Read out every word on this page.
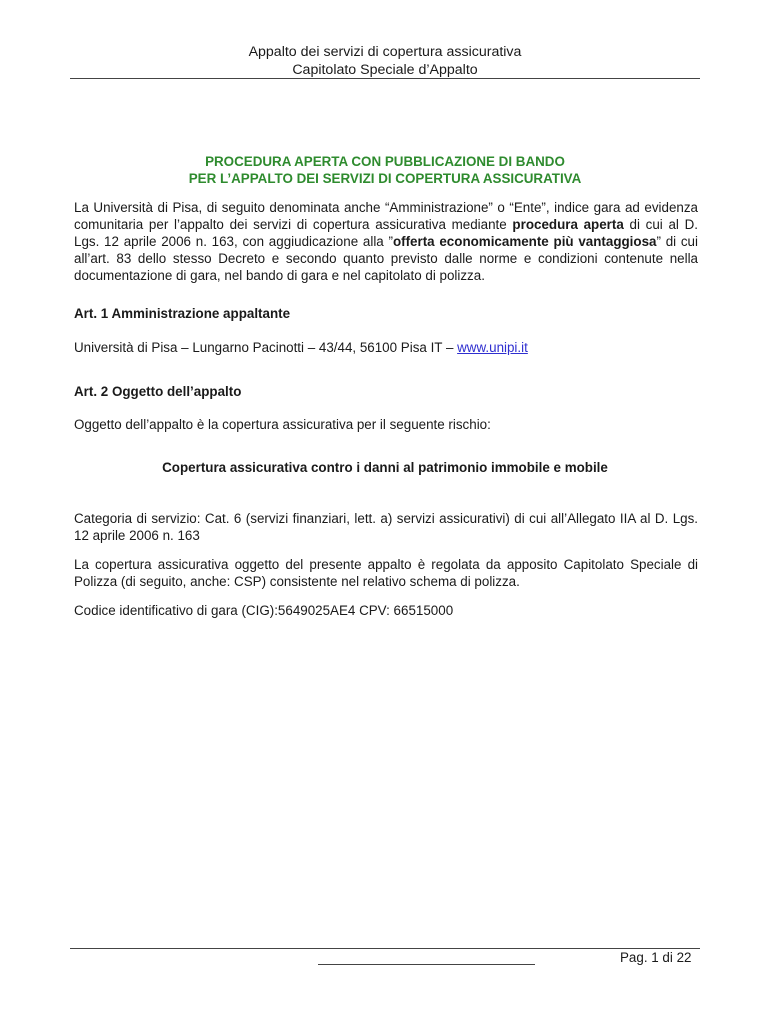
Appalto dei servizi di copertura assicurativa
Capitolato Speciale d’Appalto
PROCEDURA APERTA CON PUBBLICAZIONE DI BANDO
PER L’APPALTO DEI SERVIZI DI COPERTURA ASSICURATIVA
La Università di Pisa, di seguito denominata anche “Amministrazione” o “Ente”, indice gara ad evidenza comunitaria per l’appalto dei servizi di copertura assicurativa mediante procedura aperta di cui al D. Lgs. 12 aprile 2006 n. 163, con aggiudicazione alla ”offerta economicamente più vantaggiosa” di cui all’art. 83 dello stesso Decreto e secondo quanto previsto dalle norme e condizioni contenute nella documentazione di gara, nel bando di gara e nel capitolato di polizza.
Art. 1 Amministrazione appaltante
Università di Pisa – Lungarno Pacinotti – 43/44, 56100 Pisa IT – www.unipi.it
Art. 2 Oggetto dell’appalto
Oggetto dell’appalto è la copertura assicurativa per il seguente rischio:
Copertura assicurativa contro i danni al patrimonio immobile e mobile
Categoria di servizio: Cat. 6 (servizi finanziari, lett. a) servizi assicurativi) di cui all’Allegato IIA al D. Lgs. 12 aprile 2006 n. 163
La copertura assicurativa oggetto del presente appalto è regolata da apposito Capitolato Speciale di Polizza (di seguito, anche: CSP) consistente nel relativo schema di polizza.
Codice identificativo di gara (CIG):5649025AE4 CPV: 66515000
Pag. 1 di 22
